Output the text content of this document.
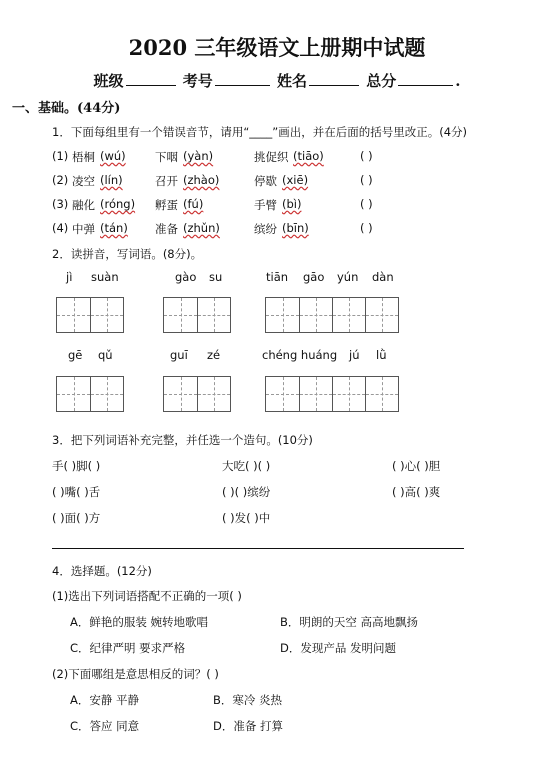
2020 三年级语文上册期中试题
班级	考号	姓名	总分	.
一、基础。(44分)
1．下面每组里有一个错误音节，请用“____”画出，并在后面的括号里改正。(4分)
(1) 梧桐 (wú)	下咽 (yàn)	挑促织 (tiāo)	( )
(2) 凌空 (lín)	召开 (zhào)	停歇 (xiē)	( )
(3) 融化 (róng) 孵蛋 (fú)	手臂 (bì)	( )
(4) 中弹 (tán) 准备 (zhǔn)	缤纷 (bīn)	( )
2．读拼音，写词语。(8分)。
jì suàn	gào su	tiān gāo yún dàn
gē qǔ	guī zé	chéng huáng jú lǜ
3．把下列词语补充完整，并任选一个造句。(10分)
手( )脚( )	大吃( )( )	( )心( )胆
( )嘴( )舌	( )( )缤纷	( )高( )爽
( )面( )方	( )发( )中
4．选择题。(12分)
(1)选出下列词语搭配不正确的一项( )
A．鲜艳的服装 婉转地歌唱	B．明朗的天空 高高地飘扬
C．纪律严明 要求严格	D．发现产品 发明问题
(2)下面哪组是意思相反的词？( )
A．安静 平静	B．寒冷 炎热
C．答应 同意	D．准备 打算
